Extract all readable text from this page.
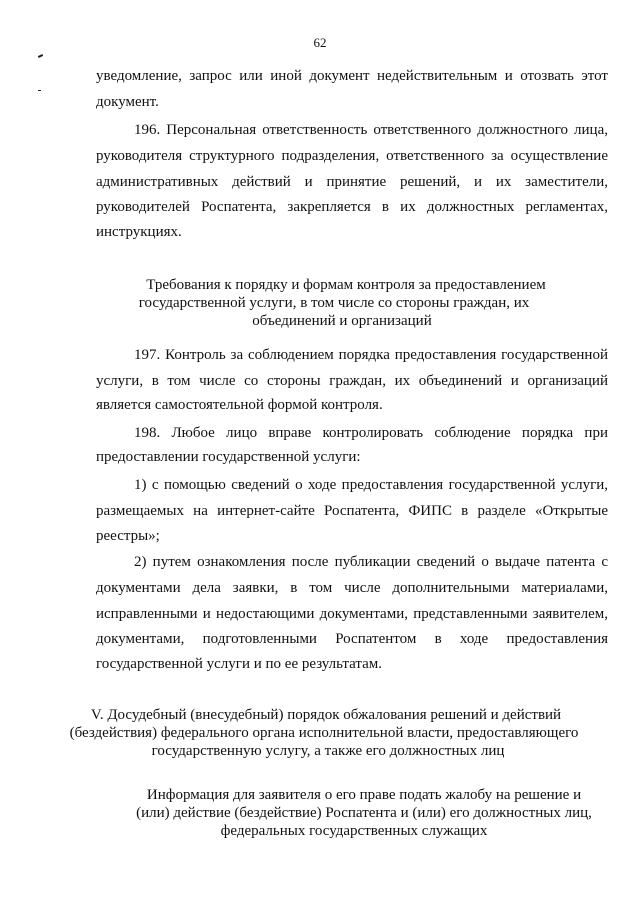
62
уведомление, запрос или иной документ недействительным и отозвать этот
документ.
196. Персональная ответственность ответственного должностного лица,
руководителя структурного подразделения, ответственного за осуществление
административных действий и принятие решений, и их заместители,
руководителей Роспатента, закрепляется в их должностных регламентах,
инструкциях.
Требования к порядку и формам контроля за предоставлением
государственной услуги, в том числе со стороны граждан, их
объединений и организаций
197. Контроль за соблюдением порядка предоставления государственной
услуги, в том числе со стороны граждан, их объединений и организаций
является самостоятельной формой контроля.
198. Любое лицо вправе контролировать соблюдение порядка при
предоставлении государственной услуги:
1) с помощью сведений о ходе предоставления государственной услуги,
размещаемых на интернет-сайте Роспатента, ФИПС в разделе «Открытые
реестры»;
2) путем ознакомления после публикации сведений о выдаче патента с
документами дела заявки, в том числе дополнительными материалами,
исправленными и недостающими документами, представленными заявителем,
документами, подготовленными Роспатентом в ходе предоставления
государственной услуги и по ее результатам.
V. Досудебный (внесудебный) порядок обжалования решений и действий
(бездействия) федерального органа исполнительной власти, предоставляющего
государственную услугу, а также его должностных лиц
Информация для заявителя о его праве подать жалобу на решение и
(или) действие (бездействие) Роспатента и (или) его должностных лиц,
федеральных государственных служащих
